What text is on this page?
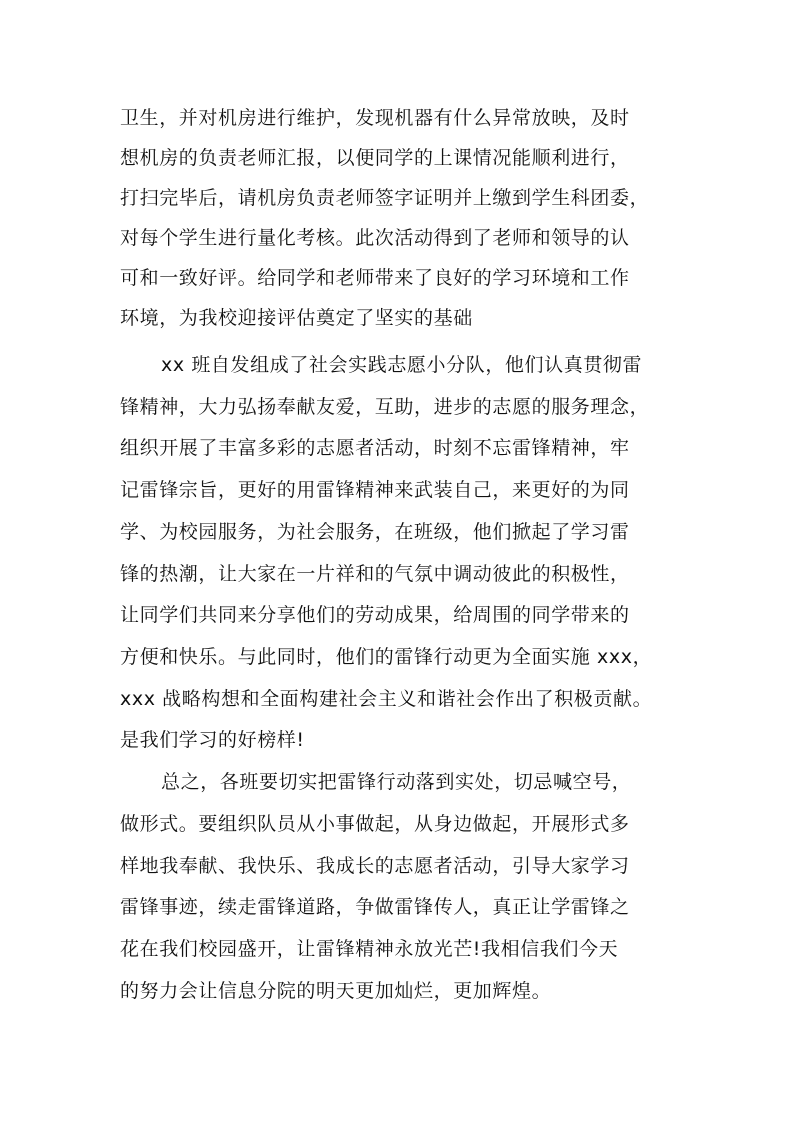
卫生，并对机房进行维护，发现机器有什么异常放映，及时

想机房的负责老师汇报，以便同学的上课情况能顺利进行，

打扫完毕后，请机房负责老师签字证明并上缴到学生科团委，

对每个学生进行量化考核。此次活动得到了老师和领导的认

可和一致好评。给同学和老师带来了良好的学习环境和工作

环境，为我校迎接评估奠定了坚实的基础

xx 班自发组成了社会实践志愿小分队，他们认真贯彻雷

锋精神，大力弘扬奉献友爱，互助，进步的志愿的服务理念，

组织开展了丰富多彩的志愿者活动，时刻不忘雷锋精神，牢

记雷锋宗旨，更好的用雷锋精神来武装自己，来更好的为同

学、为校园服务，为社会服务，在班级，他们掀起了学习雷

锋的热潮，让大家在一片祥和的气氛中调动彼此的积极性，

让同学们共同来分享他们的劳动成果，给周围的同学带来的

方便和快乐。与此同时，他们的雷锋行动更为全面实施 xxx，

xxx 战略构想和全面构建社会主义和谐社会作出了积极贡献。

是我们学习的好榜样!

总之，各班要切实把雷锋行动落到实处，切忌喊空号，

做形式。要组织队员从小事做起，从身边做起，开展形式多

样地我奉献、我快乐、我成长的志愿者活动，引导大家学习

雷锋事迹，续走雷锋道路，争做雷锋传人，真正让学雷锋之

花在我们校园盛开，让雷锋精神永放光芒!我相信我们今天

的努力会让信息分院的明天更加灿烂，更加辉煌。
